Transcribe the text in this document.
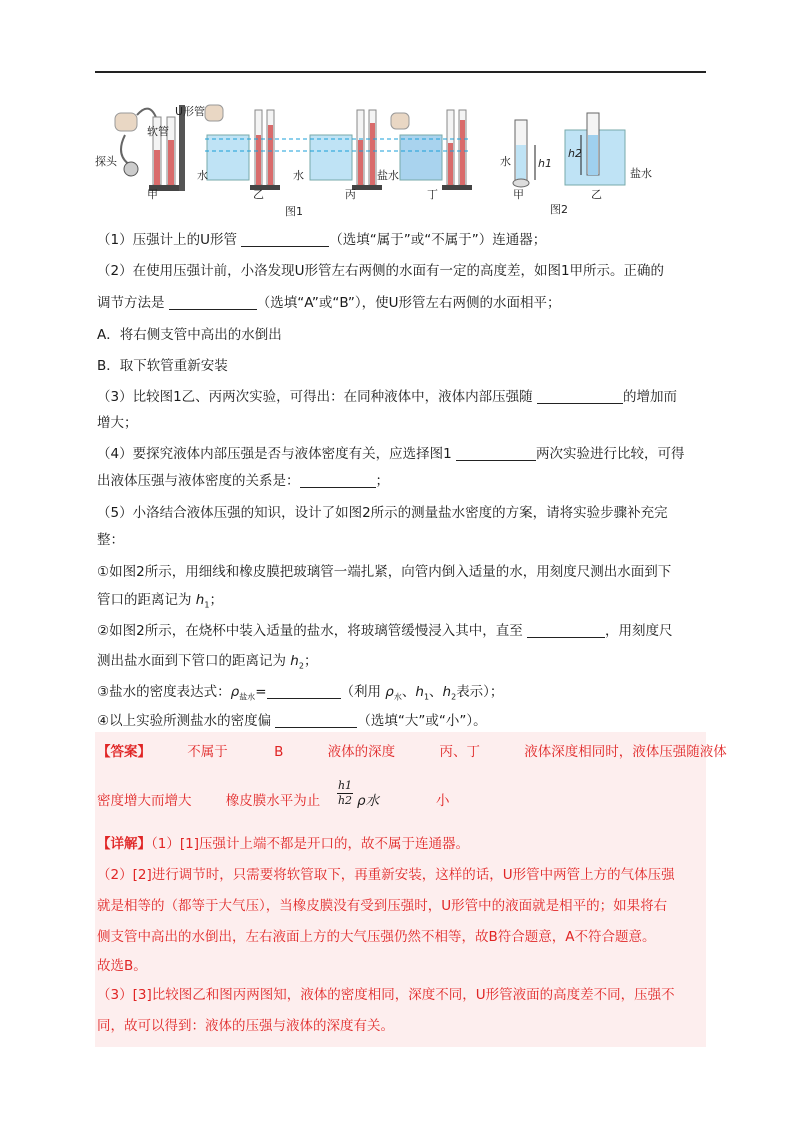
探头
软管
U形管
甲
水
乙
水
丙
盐水
丁
图1
水 h1
h2
盐水
甲	乙
图2
（1）压强计上的U形管	（选填“属于”或“不属于”）连通器；
（2）在使用压强计前，小洛发现U形管左右两侧的水面有一定的高度差，如图1甲所示。正确的
调节方法是	（选填“A”或“B”），使U形管左右两侧的水面相平；
A．将右侧支管中高出的水倒出
B．取下软管重新安装
（3）比较图1乙、丙两次实验，可得出：在同种液体中，液体内部压强随	的增加而
增大；
（4）要探究液体内部压强是否与液体密度有关，应选择图1	两次实验进行比较，可得
出液体压强与液体密度的关系是：	；
（5）小洛结合液体压强的知识，设计了如图2所示的测量盐水密度的方案，请将实验步骤补充完
整：
①如图2所示，用细线和橡皮膜把玻璃管一端扎紧，向管内倒入适量的水，用刻度尺测出水面到下
管口的距离记为 $h_1$；
②如图2所示，在烧杯中装入适量的盐水，将玻璃管缓慢浸入其中，直至	，用刻度尺
测出盐水面到下管口的距离记为 $h_2$；
③盐水的密度表达式：$\rho_{盐水}=$	（利用 $\rho_水$、$h_1$、$h_2$表示）；
④以上实验所测盐水的密度偏	（选填“大”或“小”）。
【答案】	不属于	B	液体的深度	丙、丁	液体深度相同时，液体压强随液体
密度增大而增大	橡皮膜水平为止
h1
h2 ρ水	小
【详解】（1）[1]压强计上端不都是开口的，故不属于连通器。
（2）[2]进行调节时，只需要将软管取下，再重新安装，这样的话，U形管中两管上方的气体压强
就是相等的（都等于大气压），当橡皮膜没有受到压强时，U形管中的液面就是相平的；如果将右
侧支管中高出的水倒出，左右液面上方的大气压强仍然不相等，故B符合题意，A不符合题意。
故选B。
（3）[3]比较图乙和图丙两图知，液体的密度相同，深度不同，U形管液面的高度差不同，压强不
同，故可以得到：液体的压强与液体的深度有关。
